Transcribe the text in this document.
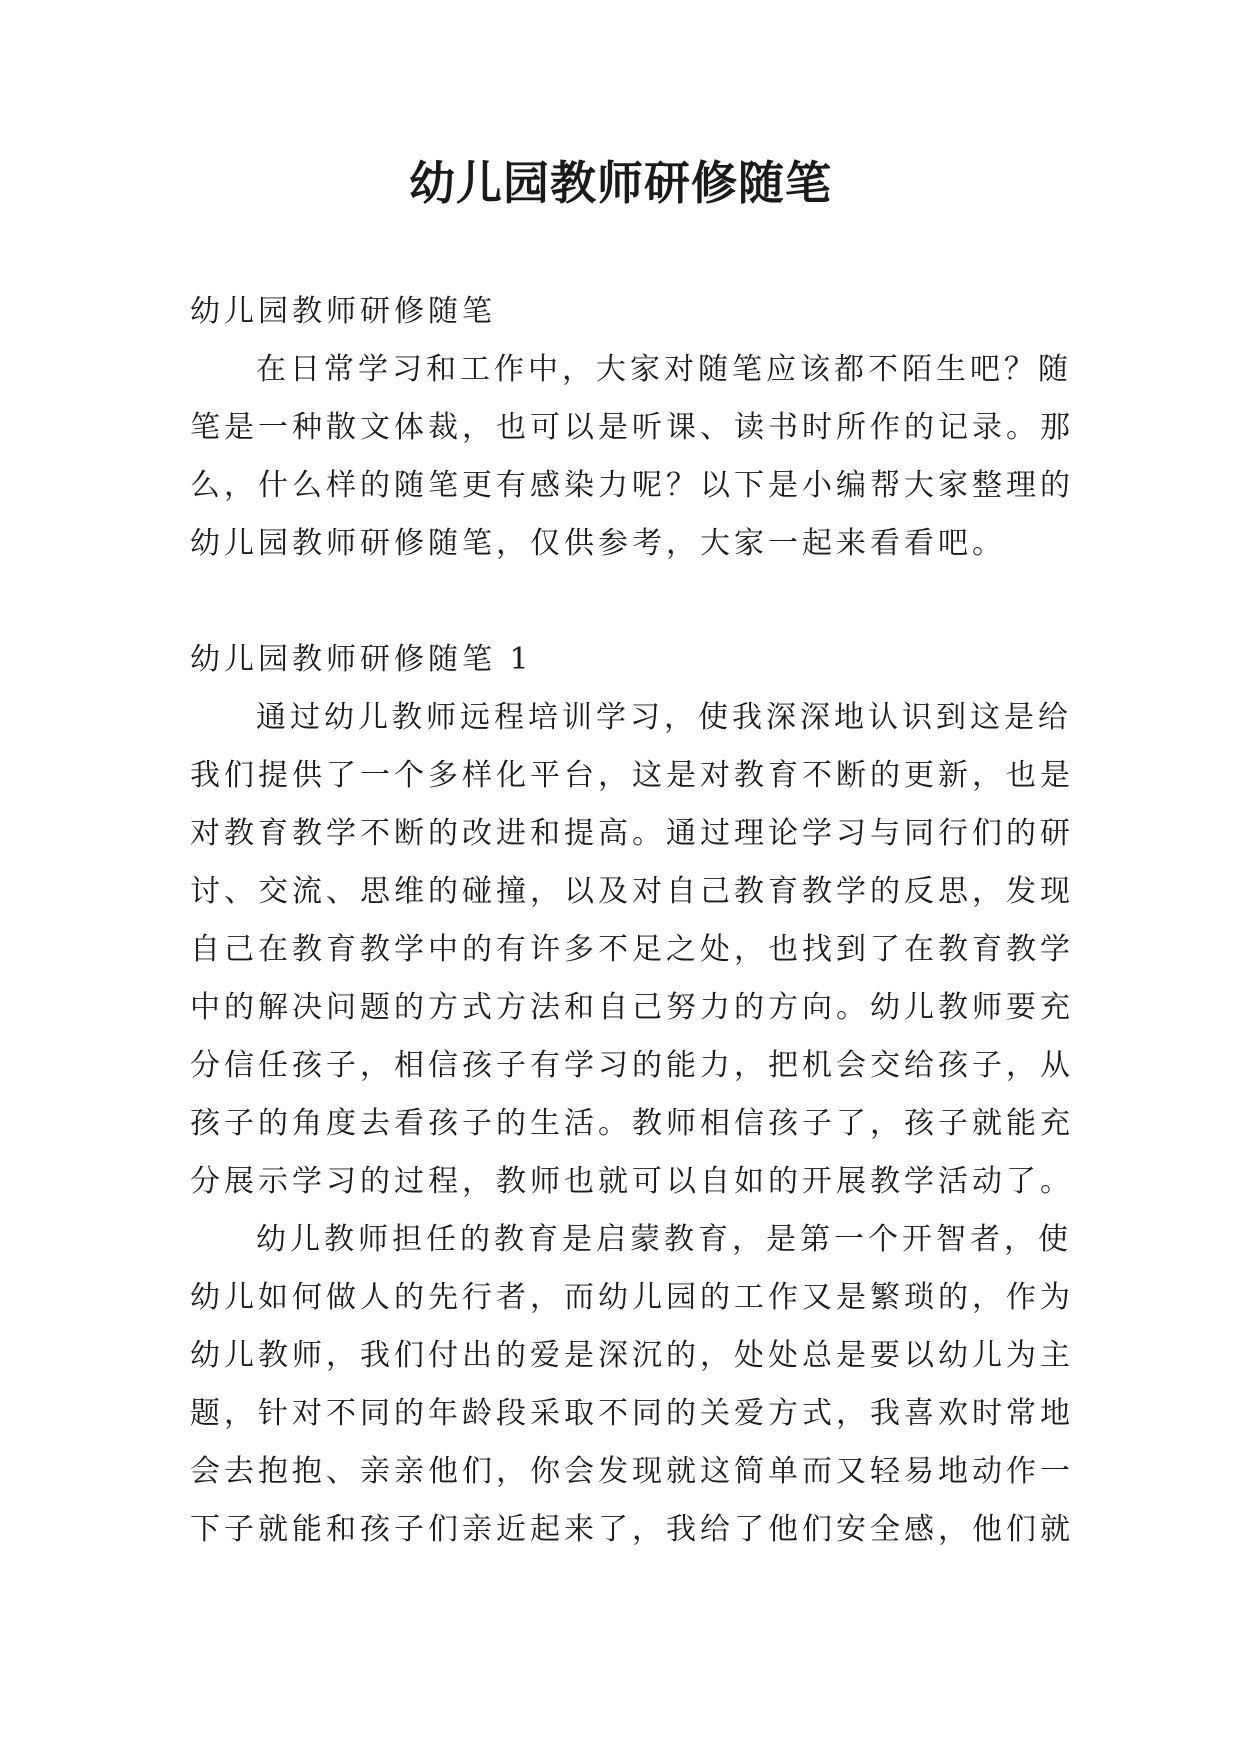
幼儿园教师研修随笔
幼儿园教师研修随笔
在日常学习和工作中，大家对随笔应该都不陌生吧？随
笔是一种散文体裁，也可以是听课、读书时所作的记录。那
么，什么样的随笔更有感染力呢？以下是小编帮大家整理的
幼儿园教师研修随笔，仅供参考，大家一起来看看吧。
幼儿园教师研修随笔 1
通过幼儿教师远程培训学习，使我深深地认识到这是给
我们提供了一个多样化平台，这是对教育不断的更新，也是
对教育教学不断的改进和提高。通过理论学习与同行们的研
讨、交流、思维的碰撞，以及对自己教育教学的反思，发现
自己在教育教学中的有许多不足之处，也找到了在教育教学
中的解决问题的方式方法和自己努力的方向。幼儿教师要充
分信任孩子，相信孩子有学习的能力，把机会交给孩子，从
孩子的角度去看孩子的生活。教师相信孩子了，孩子就能充
分展示学习的过程，教师也就可以自如的开展教学活动了。
幼儿教师担任的教育是启蒙教育，是第一个开智者，使
幼儿如何做人的先行者，而幼儿园的工作又是繁琐的，作为
幼儿教师，我们付出的爱是深沉的，处处总是要以幼儿为主
题，针对不同的年龄段采取不同的关爱方式，我喜欢时常地
会去抱抱、亲亲他们，你会发现就这简单而又轻易地动作一
下子就能和孩子们亲近起来了，我给了他们安全感，他们就
